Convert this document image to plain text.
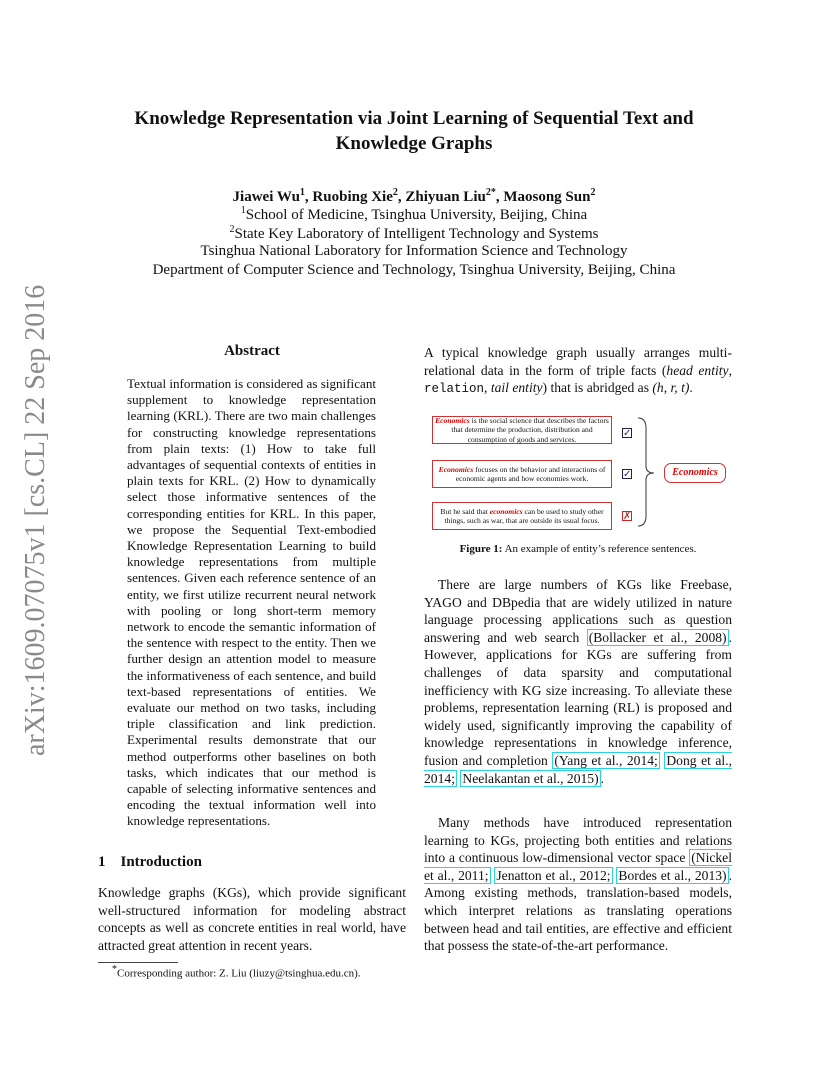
Knowledge Representation via Joint Learning of Sequential Text and
Knowledge Graphs
Jiawei Wu$^1$, Ruobing Xie$^2$, Zhiyuan Liu$^{2*}$, Maosong Sun$^2$
$^1$School of Medicine, Tsinghua University, Beijing, China
$^2$State Key Laboratory of Intelligent Technology and Systems
Tsinghua National Laboratory for Information Science and Technology
Department of Computer Science and Technology, Tsinghua University, Beijing, China
arXiv:1609.07075v1 [cs.CL] 22 Sep 2016	Abstract
Textual information is considered as significant supplement to knowledge representation learning (KRL). There are two main challenges for constructing knowledge representations from plain texts: (1) How to take full advantages of sequential contexts of entities in plain texts for KRL. (2) How to dynamically select those informative sentences of the corresponding entities for KRL. In this paper, we propose the Sequential Text-embodied Knowledge Representation Learning to build knowledge representations from multiple sentences. Given each reference sentence of an entity, we first utilize recurrent neural network with pooling or long short-term memory network to encode the semantic information of the sentence with respect to the entity. Then we further design an attention model to measure the informativeness of each sentence, and build text-based representations of entities. We evaluate our method on two tasks, including triple classification and link prediction. Experimental results demonstrate that our method outperforms other baselines on both tasks, which indicates that our method is capable of selecting informative sentences and encoding the textual information well into knowledge representations.
1 Introduction
Knowledge graphs (KGs), which provide significant well-structured information for modeling abstract concepts as well as concrete entities in real world, have attracted great attention in recent years.
*Corresponding author: Z. Liu (liuzy@tsinghua.edu.cn).
A typical knowledge graph usually arranges multi-relational data in the form of triple facts (head entity, relation, tail entity) that is abridged as (h, r, t).
Economics is the social science that describes the factors that determine the production, distribution and consumption of goods and services.
Economics focuses on the behavior and interactions of economic agents and how economies work.
But he said that economics can be used to study other things, such as war, that are outside its usual focus.
✓
✓
✗
Economics
Figure 1: An example of entity’s reference sentences.
There are large numbers of KGs like Freebase, YAGO and DBpedia that are widely utilized in nature language processing applications such as question answering and web search (Bollacker et al., 2008) . However, applications for KGs are suffering from challenges of data sparsity and computational inefficiency with KG size increasing. To alleviate these problems, representation learning (RL) is proposed and widely used, significantly improving the capability of knowledge representations in knowledge inference, fusion and completion (Yang et al., 2014; Dong et al., 2014; Neelakantan et al., 2015) .
Many methods have introduced representation learning to KGs, projecting both entities and relations into a continuous low-dimensional vector space (Nickel et al., 2011; Jenatton et al., 2012; Bordes et al., 2013) . Among existing methods, translation-based models, which interpret relations as translating operations between head and tail entities, are effective and efficient that possess the state-of-the-art performance.
